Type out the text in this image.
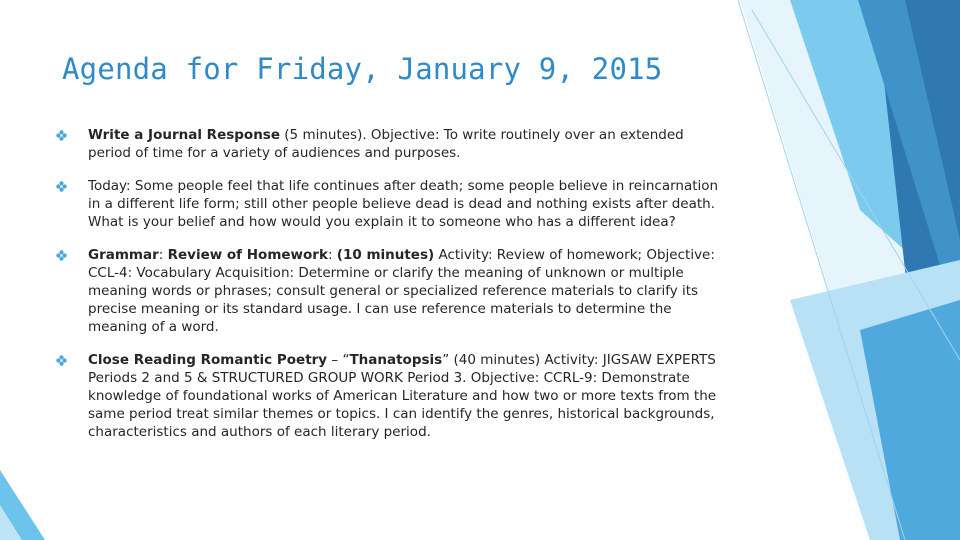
Agenda for Friday, January 9, 2015
Write a Journal Response (5 minutes). Objective: To write routinely over an extended period of time for a variety of audiences and purposes.
Today: Some people feel that life continues after death; some people believe in reincarnation in a different life form; still other people believe dead is dead and nothing exists after death. What is your belief and how would you explain it to someone who has a different idea?
Grammar: Review of Homework: (10 minutes) Activity: Review of homework; Objective: CCL-4: Vocabulary Acquisition: Determine or clarify the meaning of unknown or multiple meaning words or phrases; consult general or specialized reference materials to clarify its precise meaning or its standard usage. I can use reference materials to determine the meaning of a word.
Close Reading Romantic Poetry – “Thanatopsis” (40 minutes) Activity: JIGSAW EXPERTS Periods 2 and 5 & STRUCTURED GROUP WORK Period 3. Objective: CCRL-9: Demonstrate knowledge of foundational works of American Literature and how two or more texts from the same period treat similar themes or topics. I can identify the genres, historical backgrounds, characteristics and authors of each literary period.
